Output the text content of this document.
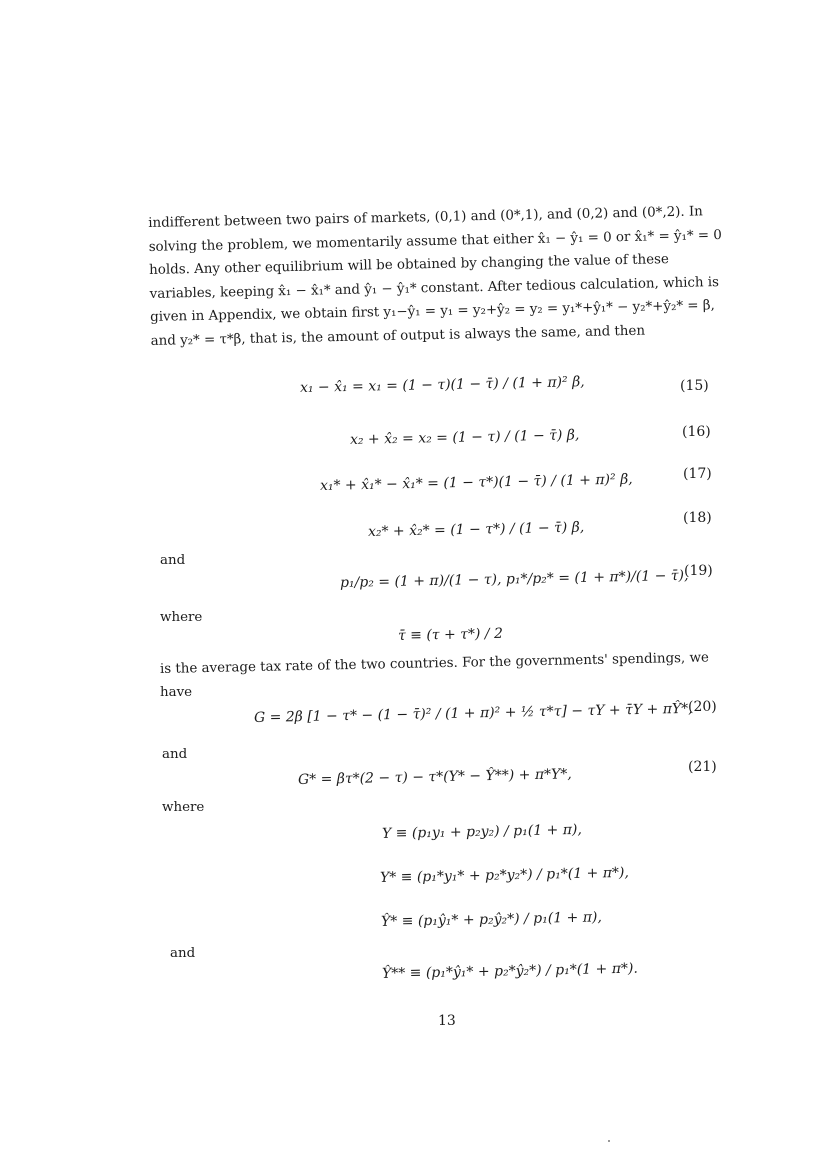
indifferent between two pairs of markets, (0,1) and (0*,1), and (0,2) and (0*,2). In
solving the problem, we momentarily assume that either x̂₁ − ŷ₁ = 0 or x̂₁* = ŷ₁* = 0
holds. Any other equilibrium will be obtained by changing the value of these
variables, keeping x̂₁ − x̂₁* and ŷ₁ − ŷ₁* constant. After tedious calculation, which is
given in Appendix, we obtain first y₁−ŷ₁ = y₁ = y₂+ŷ₂ = y₂ = y₁*+ŷ₁* − y₂*+ŷ₂* = β,
and y₂* = τ*β, that is, the amount of output is always the same, and then
x₁ − x̂₁ = x₁ = (1 − τ)(1 − τ̄) / (1 + π)² β,	(15)
x₂ + x̂₂ = x₂ = (1 − τ) / (1 − τ̄) β,	(16)
x₁* + x̂₁* − x̂₁* = (1 − τ*)(1 − τ̄) / (1 + π)² β,	(17)
x₂* + x̂₂* = (1 − τ*) / (1 − τ̄) β,
(18)
and
p₁/p₂ = (1 + π)/(1 − τ), p₁*/p₂* = (1 + π*)/(1 − τ̄),
(19)
where
τ̄ ≡ (τ + τ*) / 2
is the average tax rate of the two countries. For the governments' spendings, we
have
G = 2β [1 − τ* − (1 − τ̄)² / (1 + π)² + ½ τ*τ] − τY + τ̄Y + πŶ*,
(20)
and
G* = βτ*(2 − τ) − τ*(Y* − Ŷ**) + π*Y*,	(21)
where
Y ≡ (p₁y₁ + p₂y₂) / p₁(1 + π),
Y* ≡ (p₁*y₁* + p₂*y₂*) / p₁*(1 + π*),
Ŷ* ≡ (p₁ŷ₁* + p₂ŷ₂*) / p₁(1 + π),
and
Ŷ** ≡ (p₁*ŷ₁* + p₂*ŷ₂*) / p₁*(1 + π*).
13
